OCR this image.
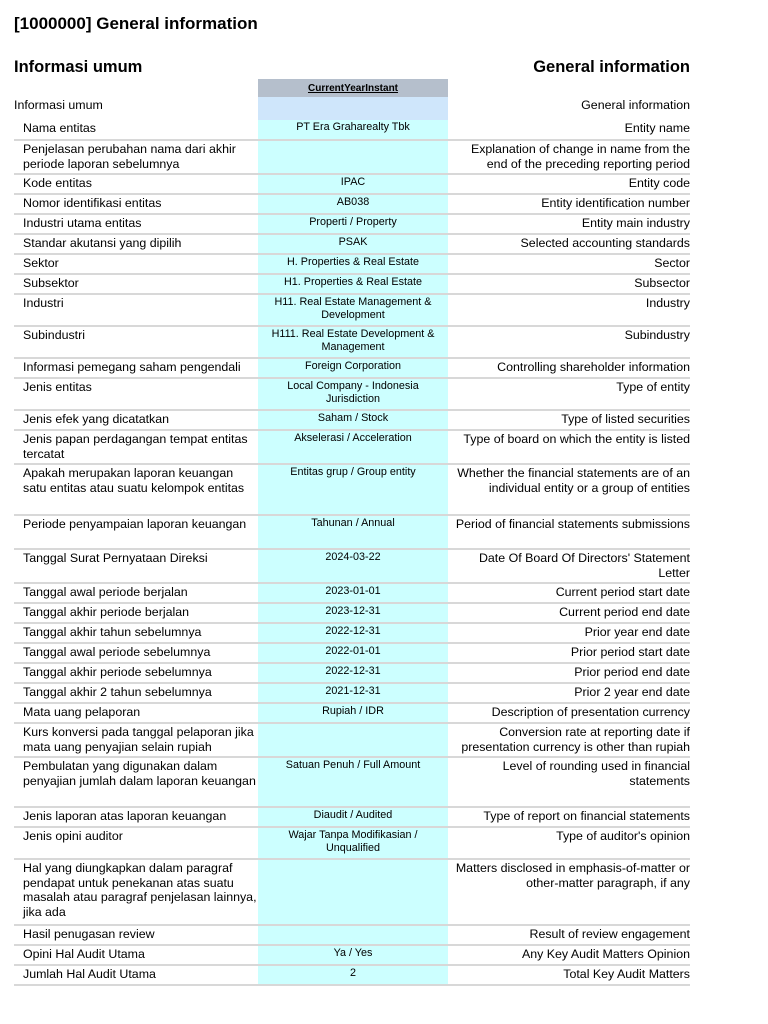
[1000000] General information
Informasi umum	General information
CurrentYearInstant
Informasi umum		General information
Nama entitas	PT Era Graharealty Tbk	Entity name
Penjelasan perubahan nama dari akhir periode laporan sebelumnya		Explanation of change in name from the end of the preceding reporting period
Kode entitas	IPAC	Entity code
Nomor identifikasi entitas	AB038	Entity identification number
Industri utama entitas	Properti / Property	Entity main industry
Standar akutansi yang dipilih	PSAK	Selected accounting standards
Sektor	H. Properties & Real Estate	Sector
Subsektor	H1. Properties & Real Estate	Subsector
Industri	H11. Real Estate Management & Development	Industry
Subindustri	H111. Real Estate Development & Management	Subindustry
Informasi pemegang saham pengendali	Foreign Corporation	Controlling shareholder information
Jenis entitas	Local Company - Indonesia Jurisdiction	Type of entity
Jenis efek yang dicatatkan	Saham / Stock	Type of listed securities
Jenis papan perdagangan tempat entitas tercatat	Akselerasi / Acceleration	Type of board on which the entity is listed
Apakah merupakan laporan keuangan satu entitas atau suatu kelompok entitas	Entitas grup / Group entity	Whether the financial statements are of an individual entity or a group of entities
Periode penyampaian laporan keuangan	Tahunan / Annual	Period of financial statements submissions
Tanggal Surat Pernyataan Direksi	2024-03-22	Date Of Board Of Directors' Statement Letter
Tanggal awal periode berjalan	2023-01-01	Current period start date
Tanggal akhir periode berjalan	2023-12-31	Current period end date
Tanggal akhir tahun sebelumnya	2022-12-31	Prior year end date
Tanggal awal periode sebelumnya	2022-01-01	Prior period start date
Tanggal akhir periode sebelumnya	2022-12-31	Prior period end date
Tanggal akhir 2 tahun sebelumnya	2021-12-31	Prior 2 year end date
Mata uang pelaporan	Rupiah / IDR	Description of presentation currency
Kurs konversi pada tanggal pelaporan jika mata uang penyajian selain rupiah		Conversion rate at reporting date if presentation currency is other than rupiah
Pembulatan yang digunakan dalam penyajian jumlah dalam laporan keuangan	Satuan Penuh / Full Amount	Level of rounding used in financial statements
Jenis laporan atas laporan keuangan	Diaudit / Audited	Type of report on financial statements
Jenis opini auditor	Wajar Tanpa Modifikasian / Unqualified	Type of auditor's opinion
Hal yang diungkapkan dalam paragraf pendapat untuk penekanan atas suatu masalah atau paragraf penjelasan lainnya, jika ada		Matters disclosed in emphasis-of-matter or other-matter paragraph, if any
Hasil penugasan review		Result of review engagement
Opini Hal Audit Utama	Ya / Yes	Any Key Audit Matters Opinion
Jumlah Hal Audit Utama	2	Total Key Audit Matters
